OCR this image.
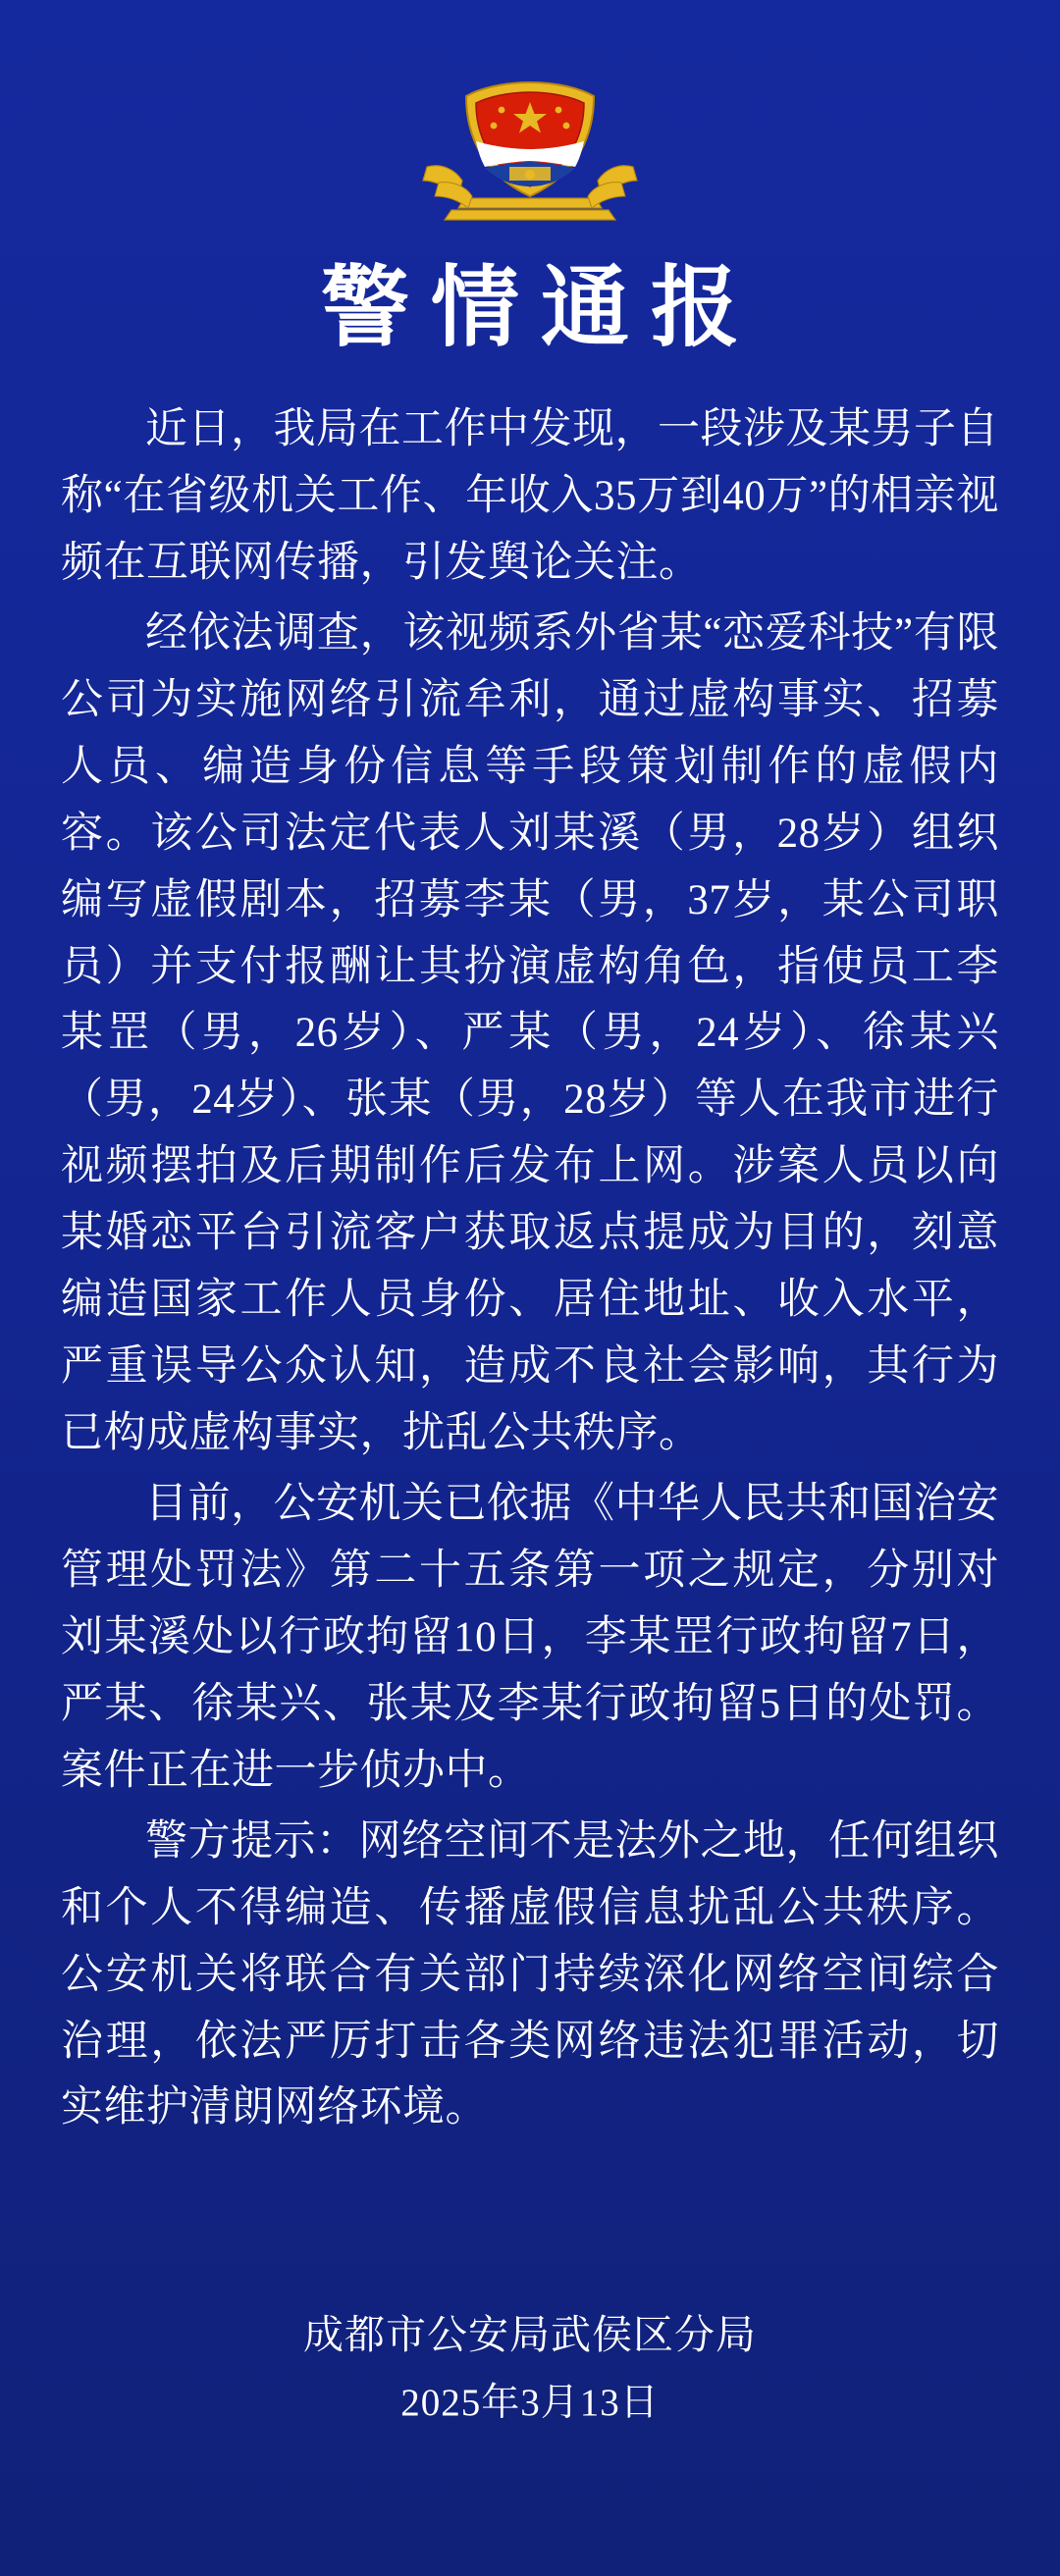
警情通报

近日，我局在工作中发现，一段涉及某男子自称“在省级机关工作、年收入35万到40万”的相亲视频在互联网传播，引发舆论关注。

经依法调查，该视频系外省某“恋爱科技”有限公司为实施网络引流牟利，通过虚构事实、招募人员、编造身份信息等手段策划制作的虚假内容。该公司法定代表人刘某溪（男，28岁）组织编写虚假剧本，招募李某（男，37岁，某公司职员）并支付报酬让其扮演虚构角色，指使员工李某罡（男，26岁）、严某（男，24岁）、徐某兴（男，24岁）、张某（男，28岁）等人在我市进行视频摆拍及后期制作后发布上网。涉案人员以向某婚恋平台引流客户获取返点提成为目的，刻意编造国家工作人员身份、居住地址、收入水平，严重误导公众认知，造成不良社会影响，其行为已构成虚构事实，扰乱公共秩序。

目前，公安机关已依据《中华人民共和国治安管理处罚法》第二十五条第一项之规定，分别对刘某溪处以行政拘留10日，李某罡行政拘留7日，严某、徐某兴、张某及李某行政拘留5日的处罚。案件正在进一步侦办中。

警方提示：网络空间不是法外之地，任何组织和个人不得编造、传播虚假信息扰乱公共秩序。公安机关将联合有关部门持续深化网络空间综合治理，依法严厉打击各类网络违法犯罪活动，切实维护清朗网络环境。

成都市公安局武侯区分局
2025年3月13日
